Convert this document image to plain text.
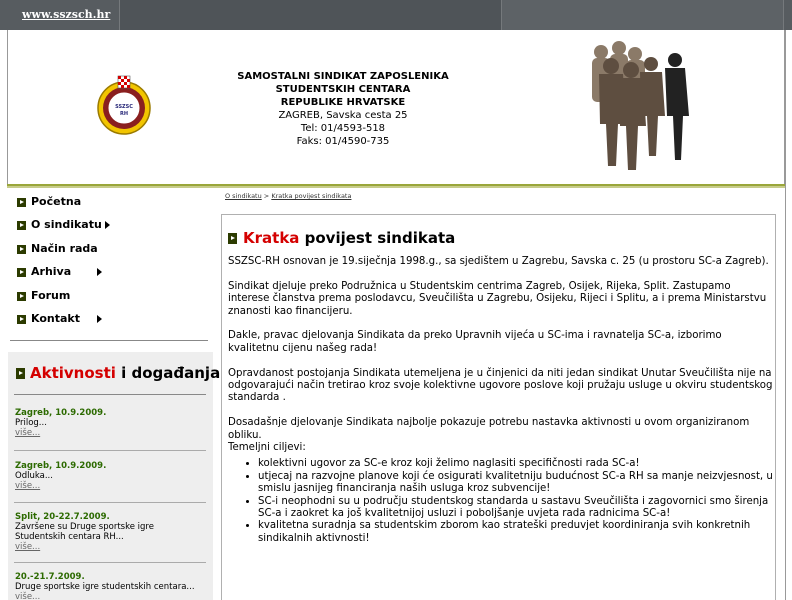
www.sszsch.hr
SSZSC
RH
SAMOSTALNI SINDIKAT ZAPOSLENIKA
STUDENTSKIH CENTARA
REPUBLIKE HRVATSKE
ZAGREB, Savska cesta 25
Tel: 01/4593-518
Faks: 01/4590-735
Početna
O sindikatu
Način rada
Arhiva
Forum
Kontakt
Aktivnosti i događanja
Zagreb, 10.9.2009.
Prilog...
više...
Zagreb, 10.9.2009.
Odluka...
više...
Split, 20-22.7.2009.
Završene su Druge sportske igre Studentskih centara RH...
više...
20.-21.7.2009.
Druge sportske igre studentskih centara...
više...
O sindikatu > Kratka povijest sindikata
Kratka povijest sindikata

SSZSC-RH osnovan je 19.siječnja 1998.g., sa sjedištem u Zagrebu, Savska c. 25 (u prostoru SC-a Zagreb).

Sindikat djeluje preko Podružnica u Studentskim centrima Zagreb, Osijek, Rijeka, Split. Zastupamo interese članstva prema poslodavcu, Sveučilišta u Zagrebu, Osijeku, Rijeci i Splitu, a i prema Ministarstvu znanosti kao financijeru.

Dakle, pravac djelovanja Sindikata da preko Upravnih vijeća u SC-ima i ravnatelja SC-a, izborimo kvalitetnu cijenu našeg rada!

Opravdanost postojanja Sindikata utemeljena je u činjenici da niti jedan sindikat Unutar Sveučilišta nije na odgovarajući način tretirao kroz svoje kolektivne ugovore poslove koji pružaju usluge u okviru studentskog standarda .

Dosadašnje djelovanje Sindikata najbolje pokazuje potrebu nastavka aktivnosti u ovom organiziranom obliku.

Temeljni ciljevi:

• kolektivni ugovor za SC-e kroz koji želimo naglasiti specifičnosti rada SC-a!
• utjecaj na razvojne planove koji će osigurati kvalitetniju budućnost SC-a RH sa manje neizvjesnost, u smislu jasnijeg financiranja naših usluga kroz subvencije!
• SC-i neophodni su u području studentskog standarda u sastavu Sveučilišta i zagovornici smo širenja SC-a i zaokret ka još kvalitetnijoj usluzi i poboljšanje uvjeta rada radnicima SC-a!
• kvalitetna suradnja sa studentskim zborom kao strateški preduvjet koordiniranja svih konkretnih sindikalnih aktivnosti!
